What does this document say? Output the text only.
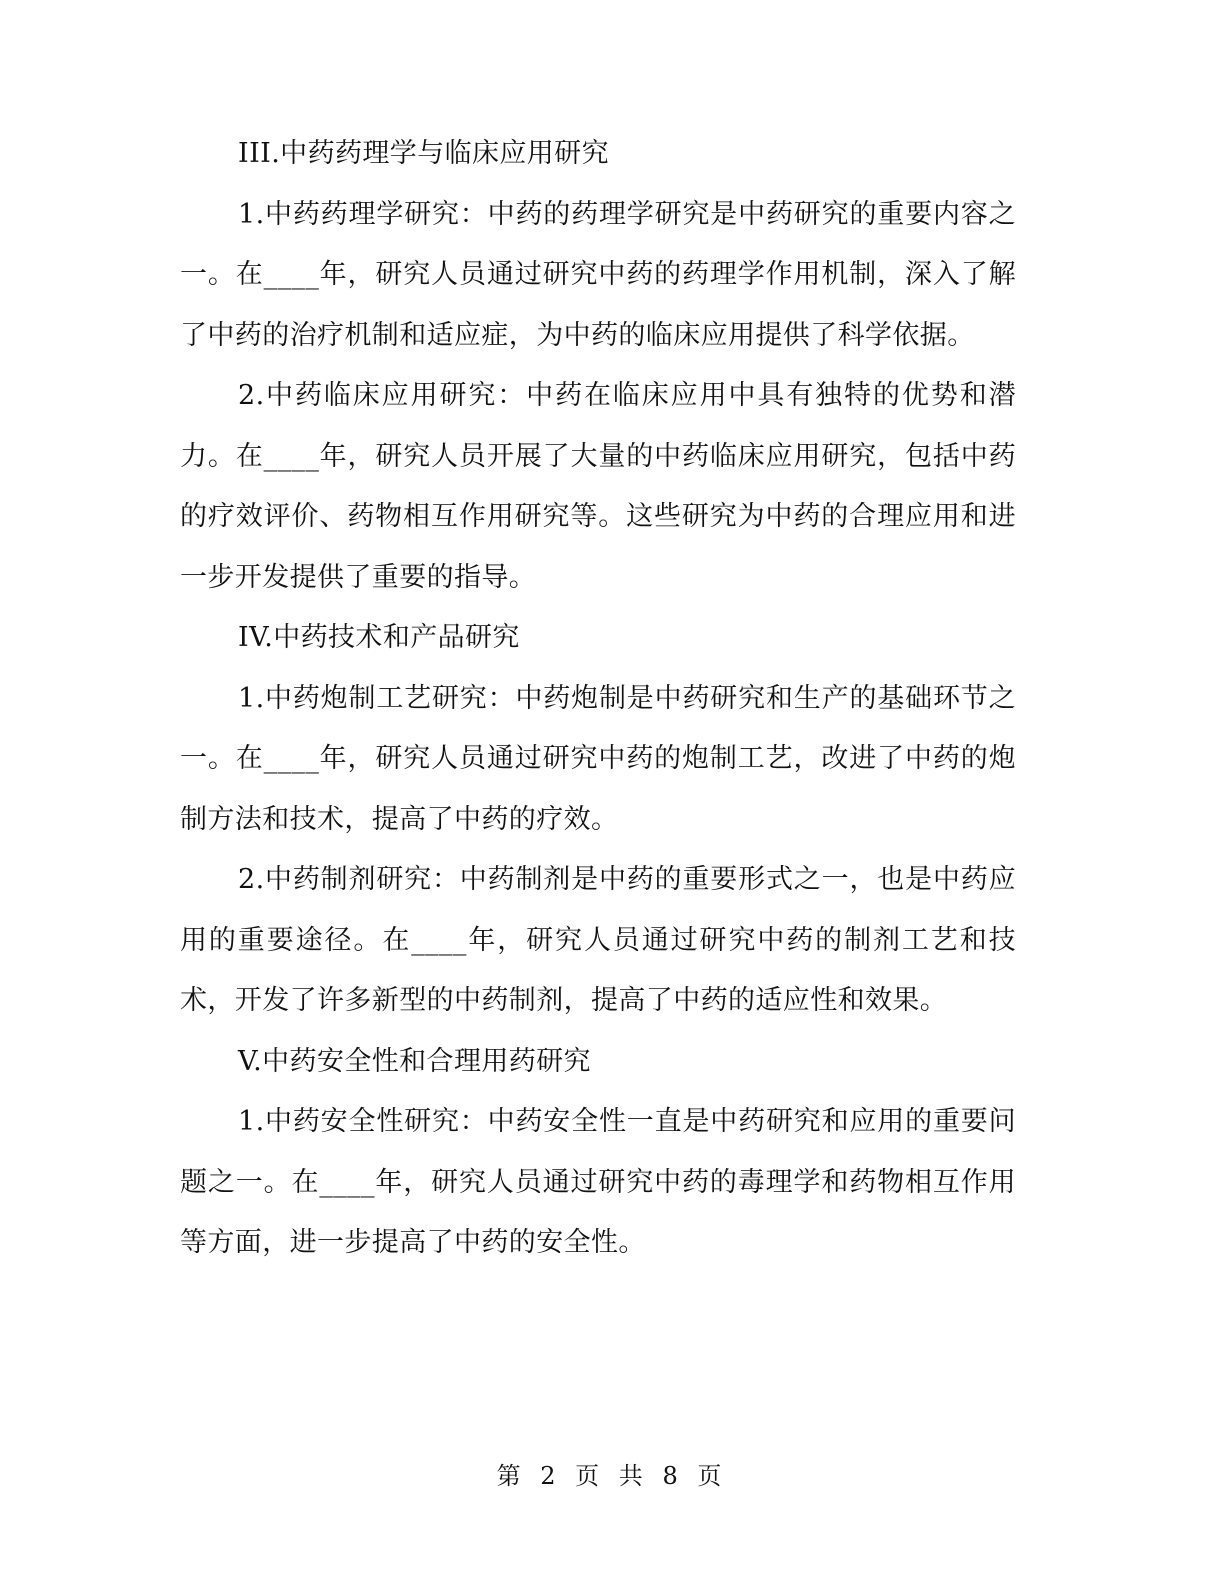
III.中药药理学与临床应用研究

1.中药药理学研究：中药的药理学研究是中药研究的重要内容之一。在____年，研究人员通过研究中药的药理学作用机制，深入了解了中药的治疗机制和适应症，为中药的临床应用提供了科学依据。

2.中药临床应用研究：中药在临床应用中具有独特的优势和潜力。在____年，研究人员开展了大量的中药临床应用研究，包括中药的疗效评价、药物相互作用研究等。这些研究为中药的合理应用和进一步开发提供了重要的指导。

IV.中药技术和产品研究

1.中药炮制工艺研究：中药炮制是中药研究和生产的基础环节之一。在____年，研究人员通过研究中药的炮制工艺，改进了中药的炮制方法和技术，提高了中药的疗效。

2.中药制剂研究：中药制剂是中药的重要形式之一，也是中药应用的重要途径。在____年，研究人员通过研究中药的制剂工艺和技术，开发了许多新型的中药制剂，提高了中药的适应性和效果。

V.中药安全性和合理用药研究

1.中药安全性研究：中药安全性一直是中药研究和应用的重要问题之一。在____年，研究人员通过研究中药的毒理学和药物相互作用等方面，进一步提高了中药的安全性。

第 2 页 共 8 页
